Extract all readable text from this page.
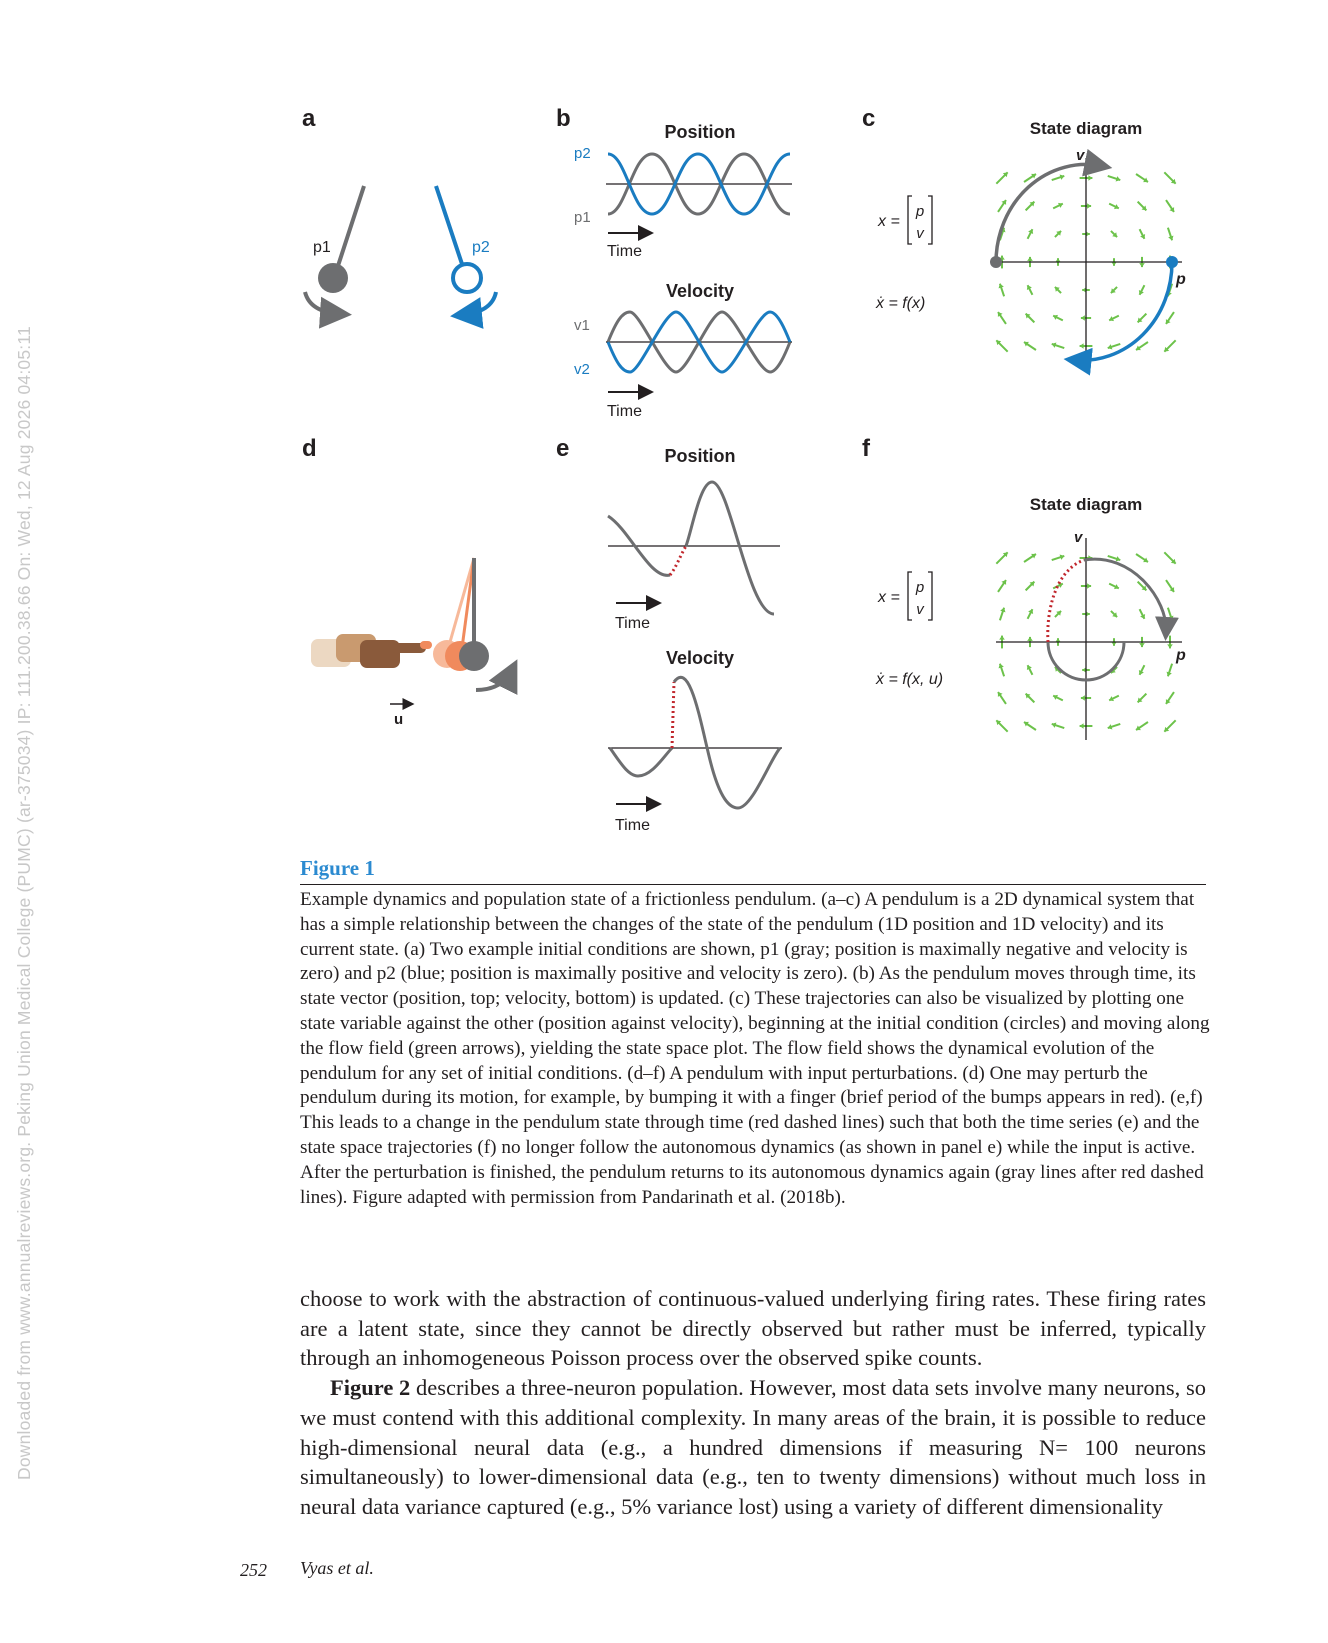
Downloaded from www.annualreviews.org. Peking Union Medical College (PUMC) (ar-375034) IP: 111.200.38.66 On: Wed, 12 Aug 2026 04:05:11
a	b	c
d	e	f
p1	p2
Position
p2
p1
Time
Velocity
v1
v2
Time
State diagram
x =
p
v
ẋ = f(x)
v
p
u
Position
Time
Velocity
Time
State diagram
x =
p
v
ẋ = f(x, u)
v
p
Figure 1
Example dynamics and population state of a frictionless pendulum. (a–c) A pendulum is a 2D dynamical system that has a simple relationship between the changes of the state of the pendulum (1D position and 1D velocity) and its current state. (a) Two example initial conditions are shown, p1 (gray; position is maximally negative and velocity is zero) and p2 (blue; position is maximally positive and velocity is zero). (b) As the pendulum moves through time, its state vector (position, top; velocity, bottom) is updated. (c) These trajectories can also be visualized by plotting one state variable against the other (position against velocity), beginning at the initial condition (circles) and moving along the flow field (green arrows), yielding the state space plot. The flow field shows the dynamical evolution of the pendulum for any set of initial conditions. (d–f) A pendulum with input perturbations. (d) One may perturb the pendulum during its motion, for example, by bumping it with a finger (brief period of the bumps appears in red). (e,f) This leads to a change in the pendulum state through time (red dashed lines) such that both the time series (e) and the state space trajectories (f) no longer follow the autonomous dynamics (as shown in panel e) while the input is active. After the perturbation is finished, the pendulum returns to its autonomous dynamics again (gray lines after red dashed lines). Figure adapted with permission from Pandarinath et al. (2018b).

choose to work with the abstraction of continuous-valued underlying firing rates. These firing rates are a latent state, since they cannot be directly observed but rather must be inferred, typically through an inhomogeneous Poisson process over the observed spike counts.

Figure 2 describes a three-neuron population. However, most data sets involve many neurons, so we must contend with this additional complexity. In many areas of the brain, it is possible to reduce high-dimensional neural data (e.g., a hundred dimensions if measuring N= 100 neurons simultaneously) to lower-dimensional data (e.g., ten to twenty dimensions) without much loss in neural data variance captured (e.g., 5% variance lost) using a variety of different dimensionality

252 Vyas et al.
